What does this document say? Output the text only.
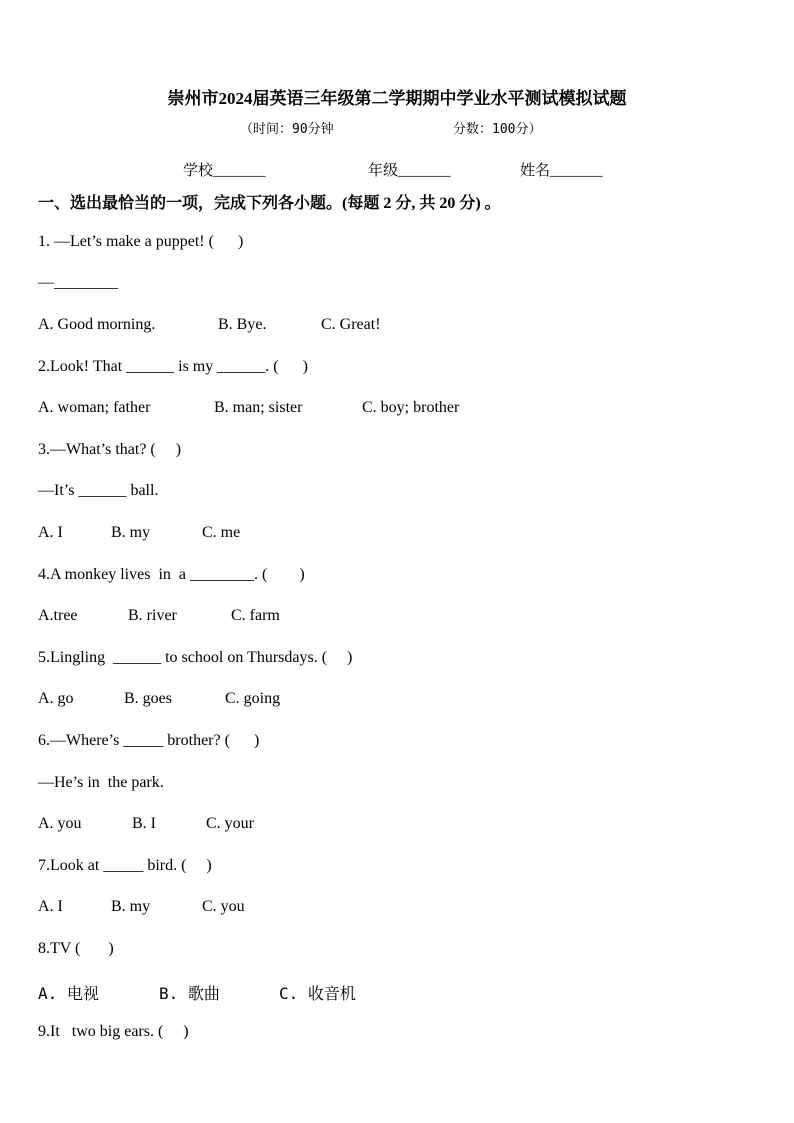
崇州市2024届英语三年级第二学期期中学业水平测试模拟试题
（时间：90分钟	分数：100分）
学校_______	年级_______	姓名_______
一、选出最恰当的一项，完成下列各小题。(每题 2 分, 共 20 分) 。
1. —Let’s make a puppet! (      )
—________

A. Good morning.

	B. Bye.

	C. Great!

2.Look! That ______ is my ______. (      )

A. woman; father

	B. man; sister

	C. boy; brother

3.—What’s that? (     )
—It’s ______ ball.

A. I

	B. my

	C. me

4.A monkey lives  in  a ________. (        )

A.tree

	B. river

	C. farm

5.Lingling  ______ to school on Thursdays. (     )

A. go

	B. goes

	C. going

6.—Where’s _____ brother? (      )
—He’s in  the park.

A. you

	B. I

	C. your

7.Look at _____ bird. (     )

A. I

	B. my

	C. you

8.TV (       )

A. 电视

	B. 歌曲

	C. 收音机

9.It   two big ears. (     )
